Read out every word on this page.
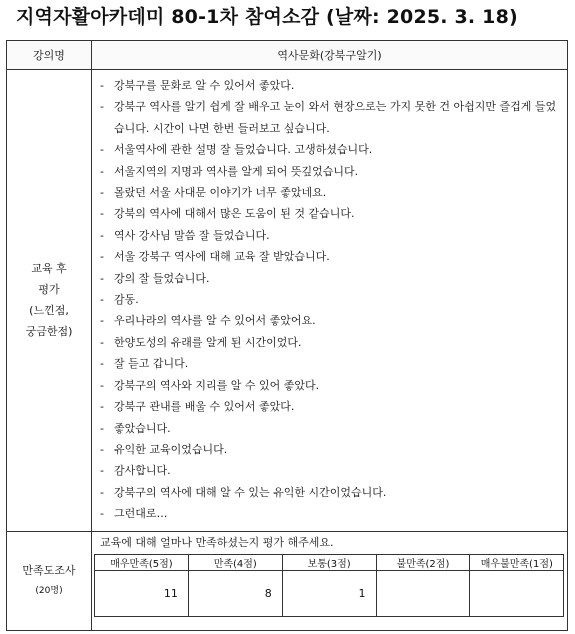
지역자활아카데미 80-1차 참여소감 (날짜: 2025. 3. 18)
강의명	역사문화(강북구알기)

교육 후
평가
(느낀점,
궁금한점)

- 강북구를 문화로 알 수 있어서 좋았다.
- 강북구 역사를 알기 쉽게 잘 배우고 눈이 와서 현장으로는 가지 못한 건 아쉽지만 즐겁게 들었습니다. 시간이 나면 한번 들러보고 싶습니다.
- 서울역사에 관한 설명 잘 들었습니다. 고생하셨습니다.
- 서울지역의 지명과 역사를 알게 되어 뜻깊었습니다.
- 몰랐던 서울 사대문 이야기가 너무 좋았네요.
- 강북의 역사에 대해서 많은 도움이 된 것 같습니다.
- 역사 강사님 말씀 잘 들었습니다.
- 서울 강북구 역사에 대해 교육 잘 받았습니다.
- 강의 잘 들었습니다.
- 감동.
- 우리나라의 역사를 알 수 있어서 좋았어요.
- 한양도성의 유래를 알게 된 시간이었다.
- 잘 듣고 갑니다.
- 강북구의 역사와 지리를 알 수 있어 좋았다.
- 강북구 관내를 배울 수 있어서 좋았다.
- 좋았습니다.
- 유익한 교육이었습니다.
- 감사합니다.
- 강북구의 역사에 대해 알 수 있는 유익한 시간이었습니다.
- 그런대로…

만족도조사
(20명)

교육에 대해 얼마나 만족하셨는지 평가 해주세요.
매우만족(5점)	만족(4점)	보통(3점)	불만족(2점)	매우불만족(1점)
11	8	1		
